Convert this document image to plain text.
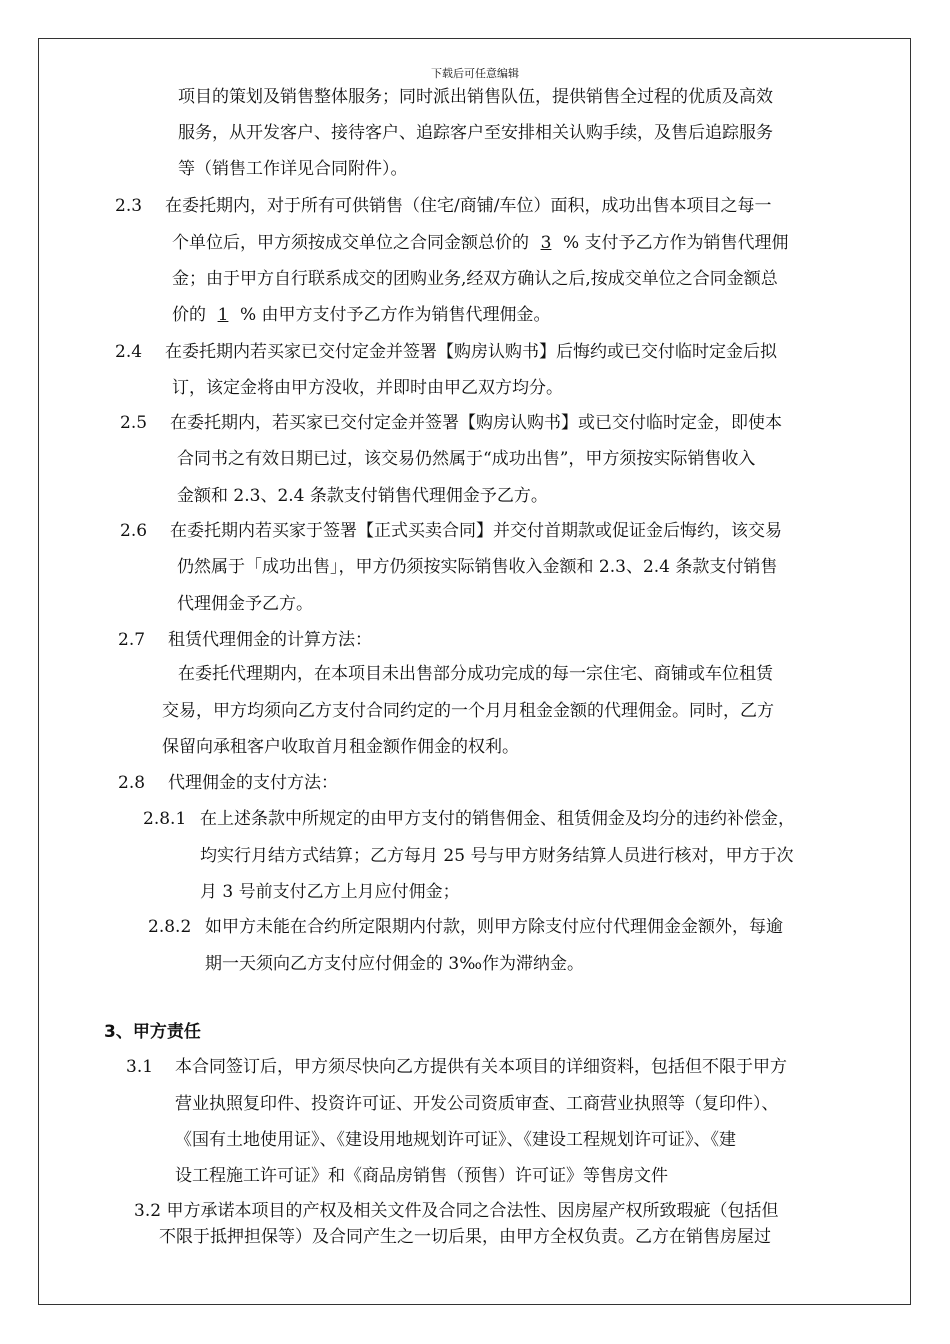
下载后可任意编辑
项目的策划及销售整体服务；同时派出销售队伍，提供销售全过程的优质及高效
服务，从开发客户、接待客户、追踪客户至安排相关认购手续，及售后追踪服务
等（销售工作详见合同附件）。
2.3 在委托期内，对于所有可供销售（住宅/商铺/车位）面积，成功出售本项目之每一
个单位后，甲方须按成交单位之合同金额总价的 3 % 支付予乙方作为销售代理佣
金；由于甲方自行联系成交的团购业务,经双方确认之后,按成交单位之合同金额总
价的 1 % 由甲方支付予乙方作为销售代理佣金。
2.4 在委托期内若买家已交付定金并签署【购房认购书】后悔约或已交付临时定金后拟
订，该定金将由甲方没收，并即时由甲乙双方均分。
2.5 在委托期内，若买家已交付定金并签署【购房认购书】或已交付临时定金，即使本
合同书之有效日期已过，该交易仍然属于“成功出售”，甲方须按实际销售收入
金额和 2.3、2.4 条款支付销售代理佣金予乙方。
2.6 在委托期内若买家于签署【正式买卖合同】并交付首期款或促证金后悔约，该交易
仍然属于「成功出售」，甲方仍须按实际销售收入金额和 2.3、2.4 条款支付销售
代理佣金予乙方。
2.7 租赁代理佣金的计算方法：
在委托代理期内，在本项目未出售部分成功完成的每一宗住宅、商铺或车位租赁
交易，甲方均须向乙方支付合同约定的一个月月租金金额的代理佣金。同时，乙方
保留向承租客户收取首月租金额作佣金的权利。
2.8 代理佣金的支付方法：
2.8.1 在上述条款中所规定的由甲方支付的销售佣金、租赁佣金及均分的违约补偿金，
均实行月结方式结算；乙方每月 25 号与甲方财务结算人员进行核对，甲方于次
月 3 号前支付乙方上月应付佣金；
2.8.2 如甲方未能在合约所定限期内付款，则甲方除支付应付代理佣金金额外，每逾
期一天须向乙方支付应付佣金的 3‰作为滞纳金。
3、甲方责任
3.1 本合同签订后，甲方须尽快向乙方提供有关本项目的详细资料，包括但不限于甲方
营业执照复印件、投资许可证、开发公司资质审查、工商营业执照等（复印件）、
《国有土地使用证》、《建设用地规划许可证》、《建设工程规划许可证》、《建
设工程施工许可证》和《商品房销售（预售）许可证》等售房文件
3.2 甲方承诺本项目的产权及相关文件及合同之合法性、因房屋产权所致瑕疵（包括但
不限于抵押担保等）及合同产生之一切后果，由甲方全权负责。乙方在销售房屋过
